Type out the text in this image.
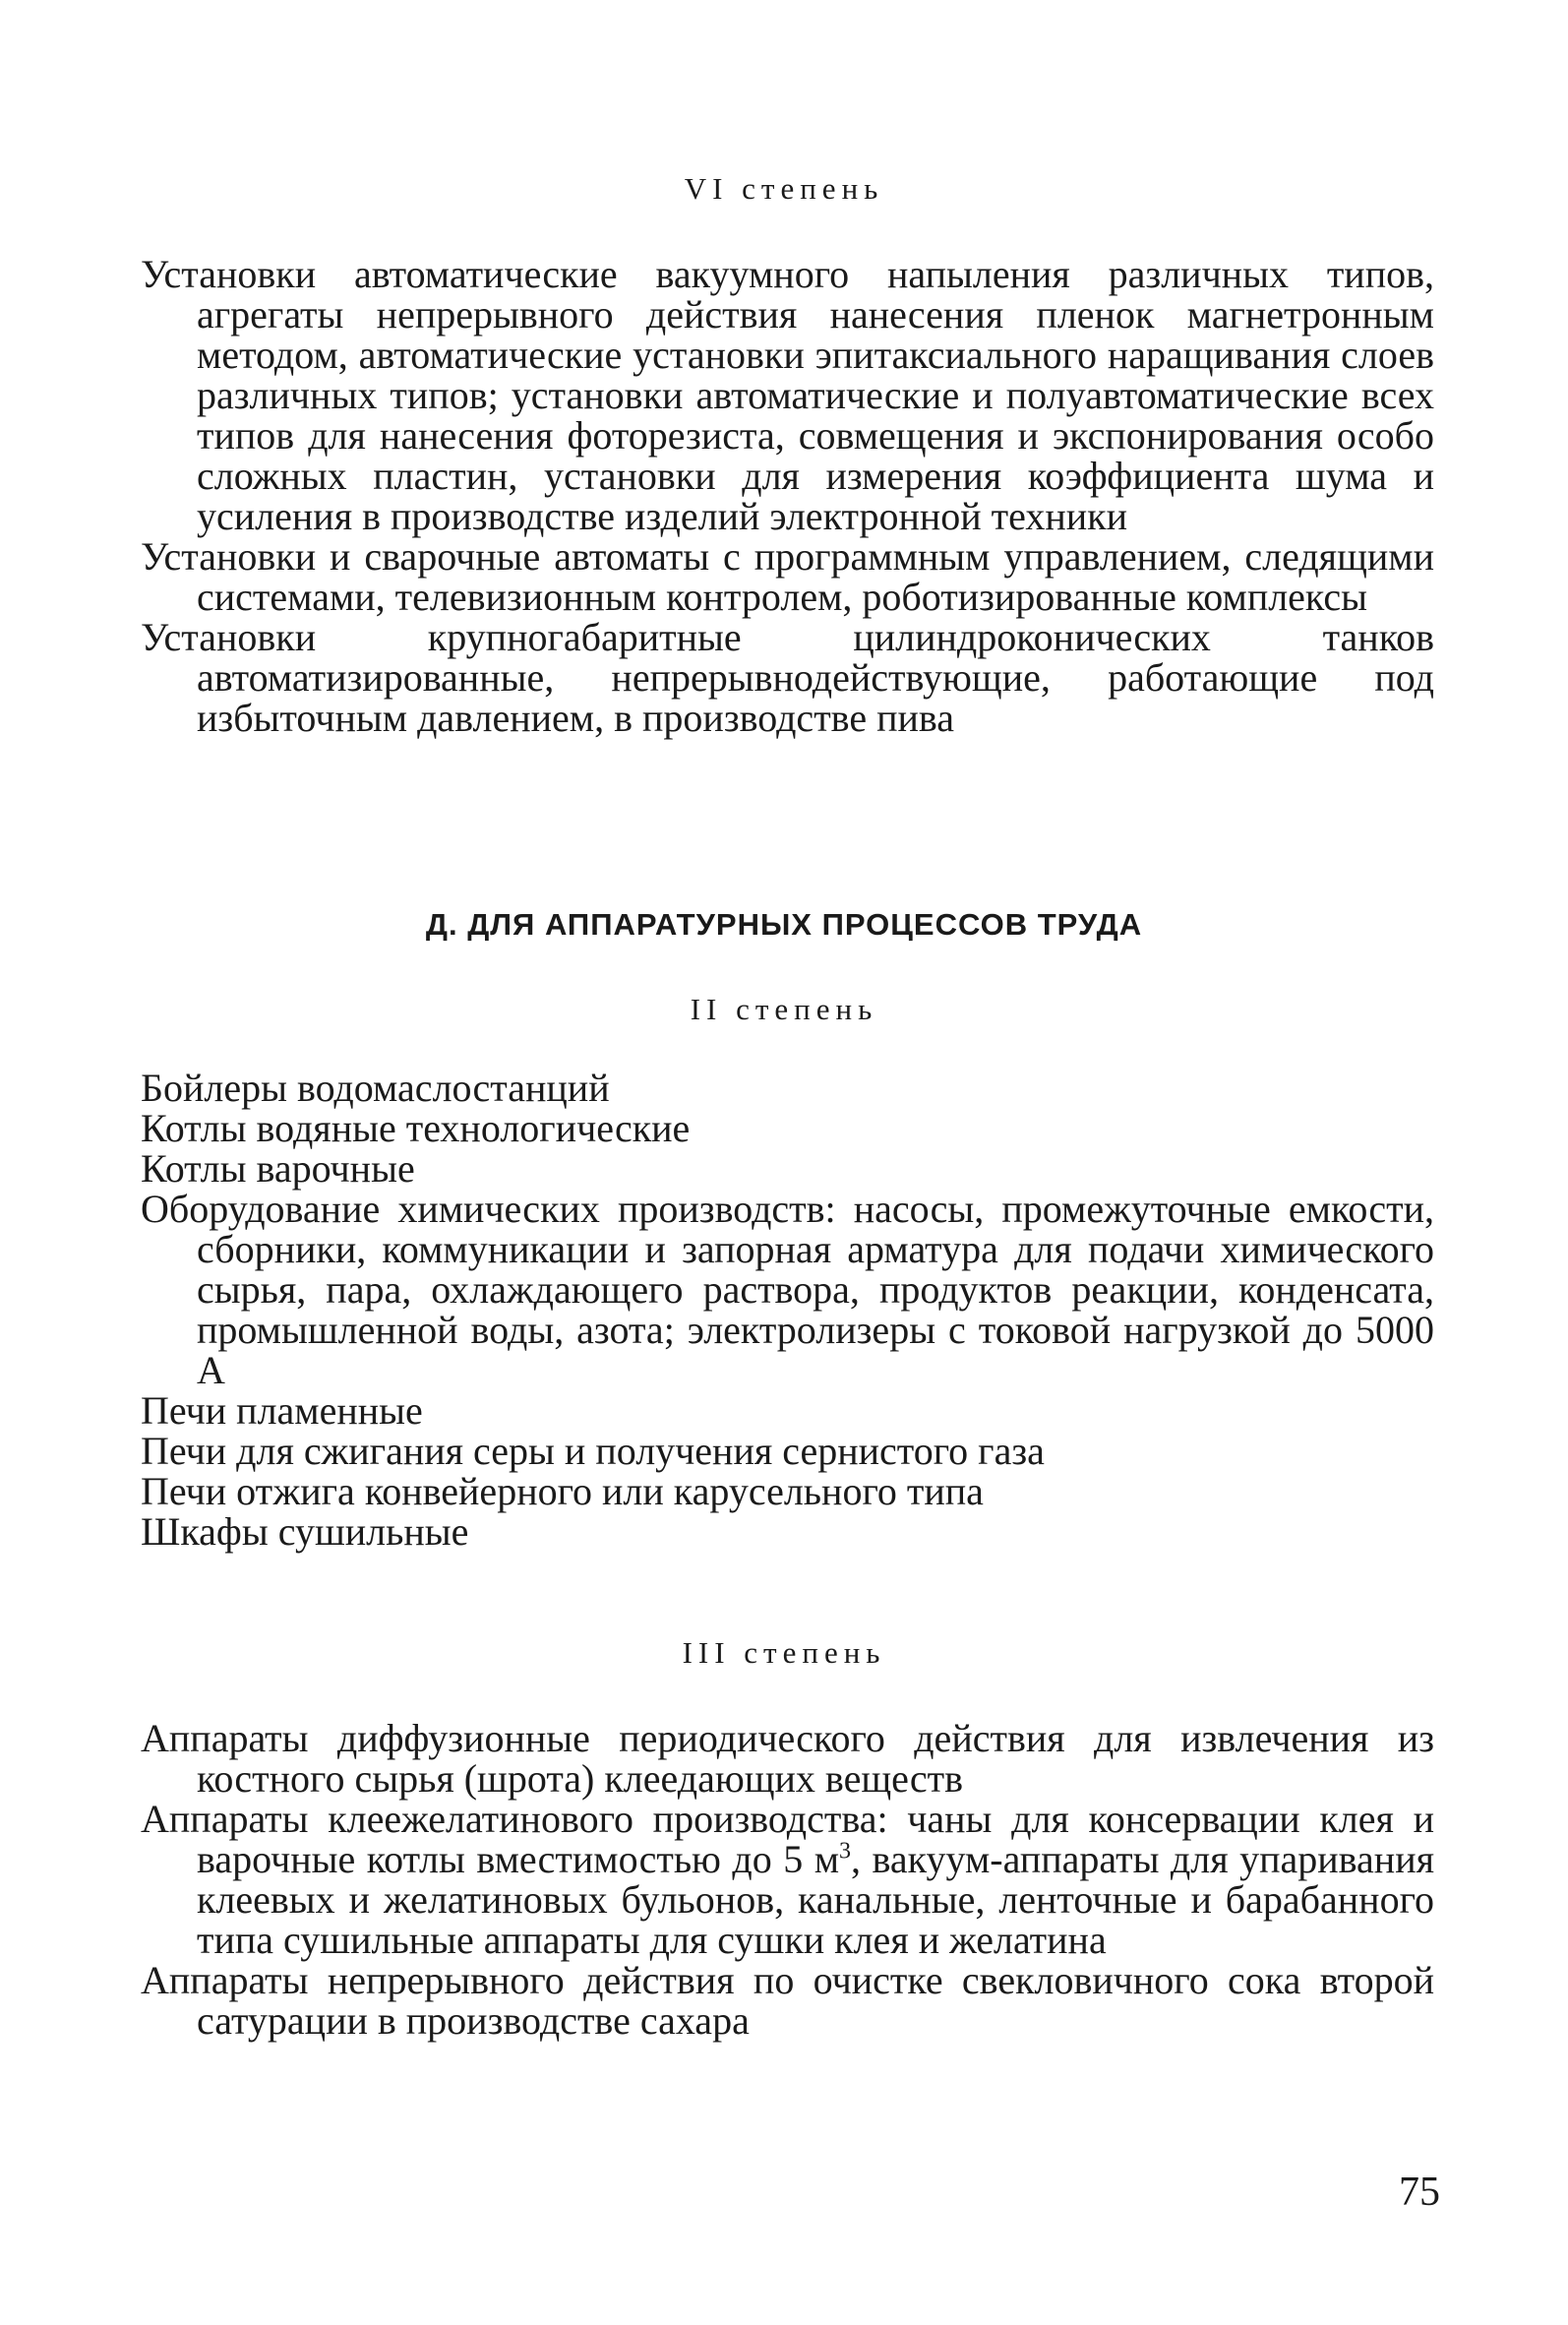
VI степень
Установки автоматические вакуумного напыления различных типов, агрегаты непрерывного действия нанесения пленок магнетронным методом, автоматические установки эпитаксиального наращивания слоев различных типов; установки автоматические и полуавтоматические всех типов для нанесения фоторезиста, совмещения и экспонирования особо сложных пластин, установки для измерения коэффициента шума и усиления в производстве изделий электронной техники
Установки и сварочные автоматы с программным управлением, следящими системами, телевизионным контролем, роботизированные комплексы
Установки крупногабаритные цилиндроконических танков автоматизированные, непрерывнодействующие, работающие под избыточным давлением, в производстве пива
Д. ДЛЯ АППАРАТУРНЫХ ПРОЦЕССОВ ТРУДА
II степень
Бойлеры водомаслостанций
Котлы водяные технологические
Котлы варочные
Оборудование химических производств: насосы, промежуточные емкости, сборники, коммуникации и запорная арматура для подачи химического сырья, пара, охлаждающего раствора, продуктов реакции, конденсата, промышленной воды, азота; электролизеры с токовой нагрузкой до 5000 А
Печи пламенные
Печи для сжигания серы и получения сернистого газа
Печи отжига конвейерного или карусельного типа
Шкафы сушильные
III степень
Аппараты диффузионные периодического действия для извлечения из костного сырья (шрота) клеедающих веществ
Аппараты клеежелатинового производства: чаны для консервации клея и варочные котлы вместимостью до 5 $м^3$, вакуум-аппараты для упаривания клеевых и желатиновых бульонов, канальные, ленточные и барабанного типа сушильные аппараты для сушки клея и желатина
Аппараты непрерывного действия по очистке свекловичного сока второй сатурации в производстве сахара
75
